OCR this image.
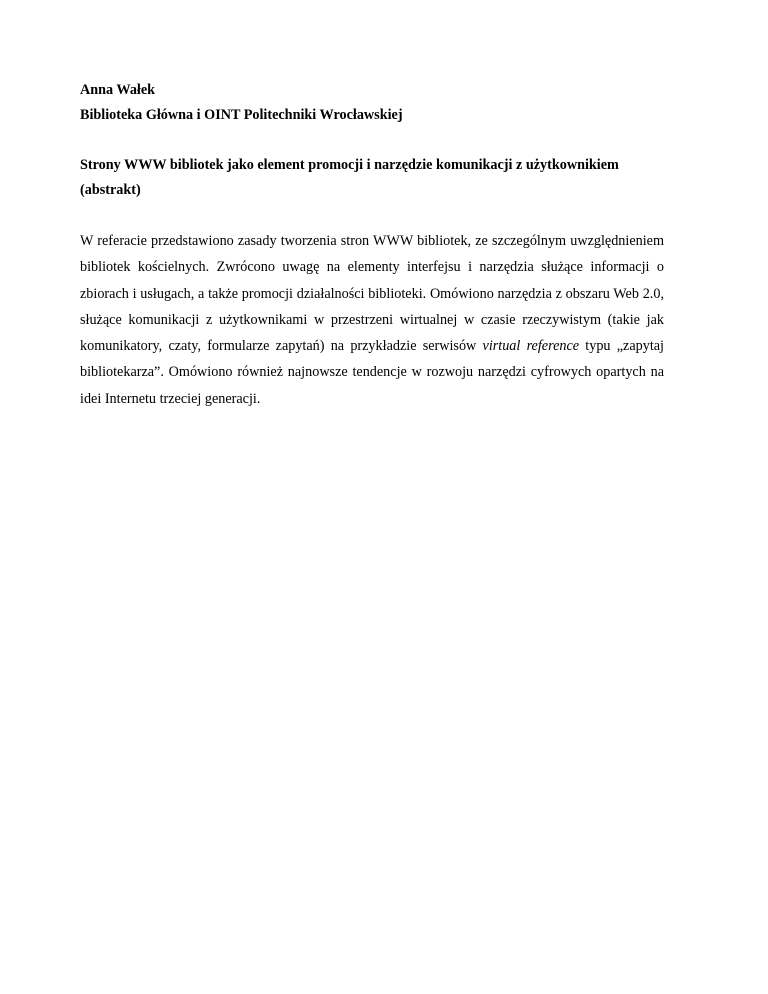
Anna Wałek

Biblioteka Główna i OINT Politechniki Wrocławskiej

Strony WWW bibliotek jako element promocji i narzędzie komunikacji z użytkownikiem (abstrakt)

W referacie przedstawiono zasady tworzenia stron WWW bibliotek, ze szczególnym uwzględnieniem bibliotek kościelnych. Zwrócono uwagę na elementy interfejsu i narzędzia służące informacji o zbiorach i usługach, a także promocji działalności biblioteki. Omówiono narzędzia z obszaru Web 2.0, służące komunikacji z użytkownikami w przestrzeni wirtualnej w czasie rzeczywistym (takie jak komunikatory, czaty, formularze zapytań) na przykładzie serwisów virtual reference typu „zapytaj bibliotekarza”. Omówiono również najnowsze tendencje w rozwoju narzędzi cyfrowych opartych na idei Internetu trzeciej generacji.
